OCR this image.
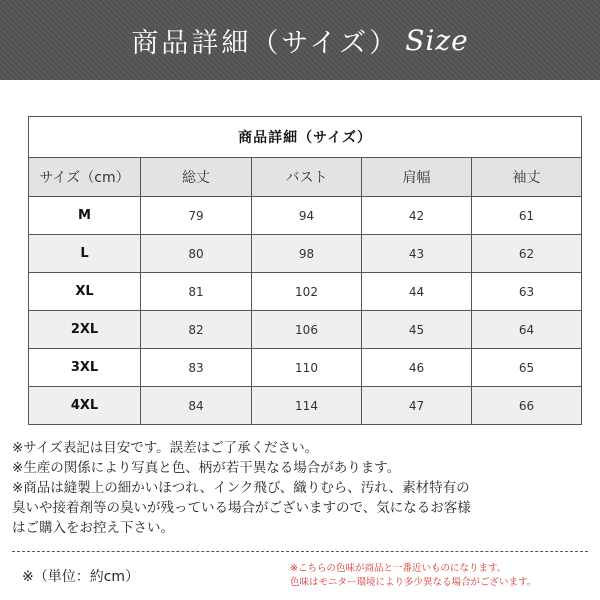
商品詳細（サイズ） Size
商品詳細（サイズ）				
サイズ（cm）	総丈	バスト	肩幅	袖丈
M	79	94	42	61
L	80	98	43	62
XL	81	102	44	63
2XL	82	106	45	64
3XL	83	110	46	65
4XL	84	114	47	66
※サイズ表記は目安です。誤差はご了承ください。
※生産の関係により写真と色、柄が若干異なる場合があります。
※商品は縫製上の細かいほつれ、インク飛び、織りむら、汚れ、素材特有の
臭いや接着剤等の臭いが残っている場合がございますので、気になるお客様
はご購入をお控え下さい。
※（単位：約cm）
※こちらの色味が商品と一番近いものになります。
色味はモニター環境により多少異なる場合がございます。
